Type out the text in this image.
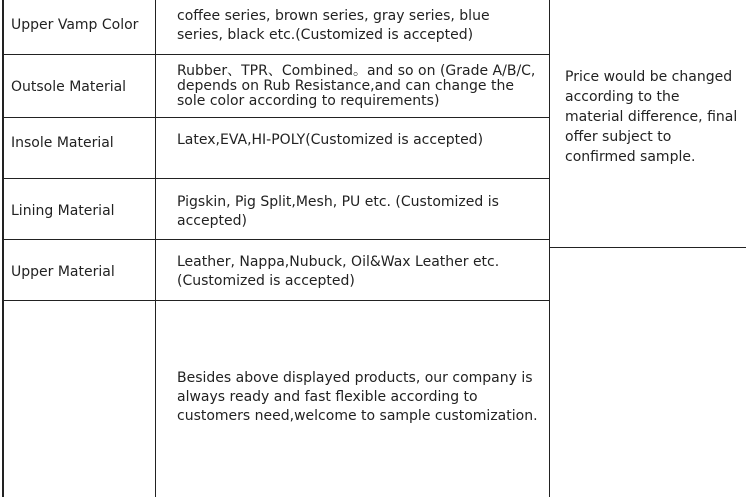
Upper Vamp Color
coffee series, brown series, gray series, blue series, black etc.(Customized is accepted)
Outsole Material
Rubber、TPR、Combined。and so on (Grade A/B/C, depends on Rub Resistance,and can change the sole color according to requirements)
Insole Material	Latex,EVA,HI-POLY(Customized is accepted)
Lining Material
Pigskin, Pig Split,Mesh, PU etc. (Customized is accepted)
Upper Material
Leather, Nappa,Nubuck, Oil&Wax Leather etc. (Customized is accepted)
Price would be changed according to the material difference, final offer subject to confirmed sample.
Besides above displayed products, our company is always ready and fast flexible according to customers need,welcome to sample customization.
